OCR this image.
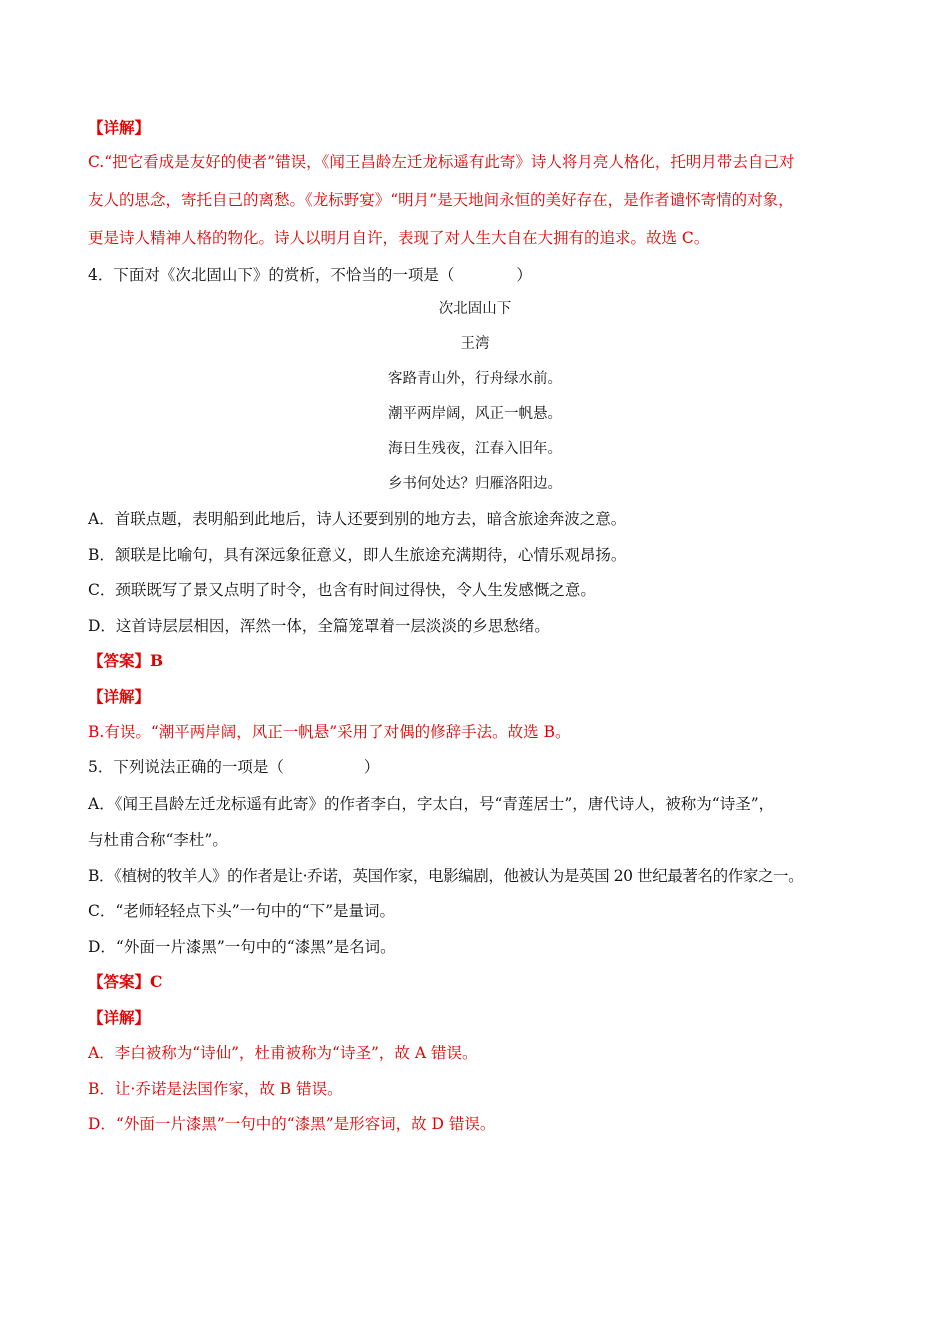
【详解】
C.“把它看成是友好的使者”错误，《闻王昌龄左迁龙标遥有此寄》诗人将月亮人格化，托明月带去自己对
友人的思念，寄托自己的离愁。《龙标野宴》“明月”是天地间永恒的美好存在，是作者谴怀寄情的对象，
更是诗人精神人格的物化。诗人以明月自许，表现了对人生大自在大拥有的追求。故选 C。
4．下面对《次北固山下》的赏析，不恰当的一项是（	）
次北固山下
王湾
客路青山外，行舟绿水前。
潮平两岸阔，风正一帆悬。
海日生残夜，江春入旧年。
乡书何处达？归雁洛阳边。
A．首联点题，表明船到此地后，诗人还要到别的地方去，暗含旅途奔波之意。
B．颔联是比喻句，具有深远象征意义，即人生旅途充满期待，心情乐观昂扬。
C．颈联既写了景又点明了时令，也含有时间过得快，令人生发感慨之意。
D．这首诗层层相因，浑然一体，全篇笼罩着一层淡淡的乡思愁绪。
【答案】B
【详解】
B.有误。“潮平两岸阔，风正一帆悬”采用了对偶的修辞手法。故选 B。
5．下列说法正确的一项是（	）
A．《闻王昌龄左迁龙标遥有此寄》的作者李白，字太白，号“青莲居士”，唐代诗人，被称为“诗圣”，
与杜甫合称“李杜”。
B．《植树的牧羊人》的作者是让·乔诺，英国作家，电影编剧，他被认为是英国 20 世纪最著名的作家之一。
C．“老师轻轻点下头”一句中的“下”是量词。
D．“外面一片漆黑”一句中的“漆黑”是名词。
【答案】C
【详解】
A．李白被称为“诗仙”，杜甫被称为“诗圣”，故 A 错误。
B．让·乔诺是法国作家，故 B 错误。
D．“外面一片漆黑”一句中的“漆黑”是形容词，故 D 错误。
